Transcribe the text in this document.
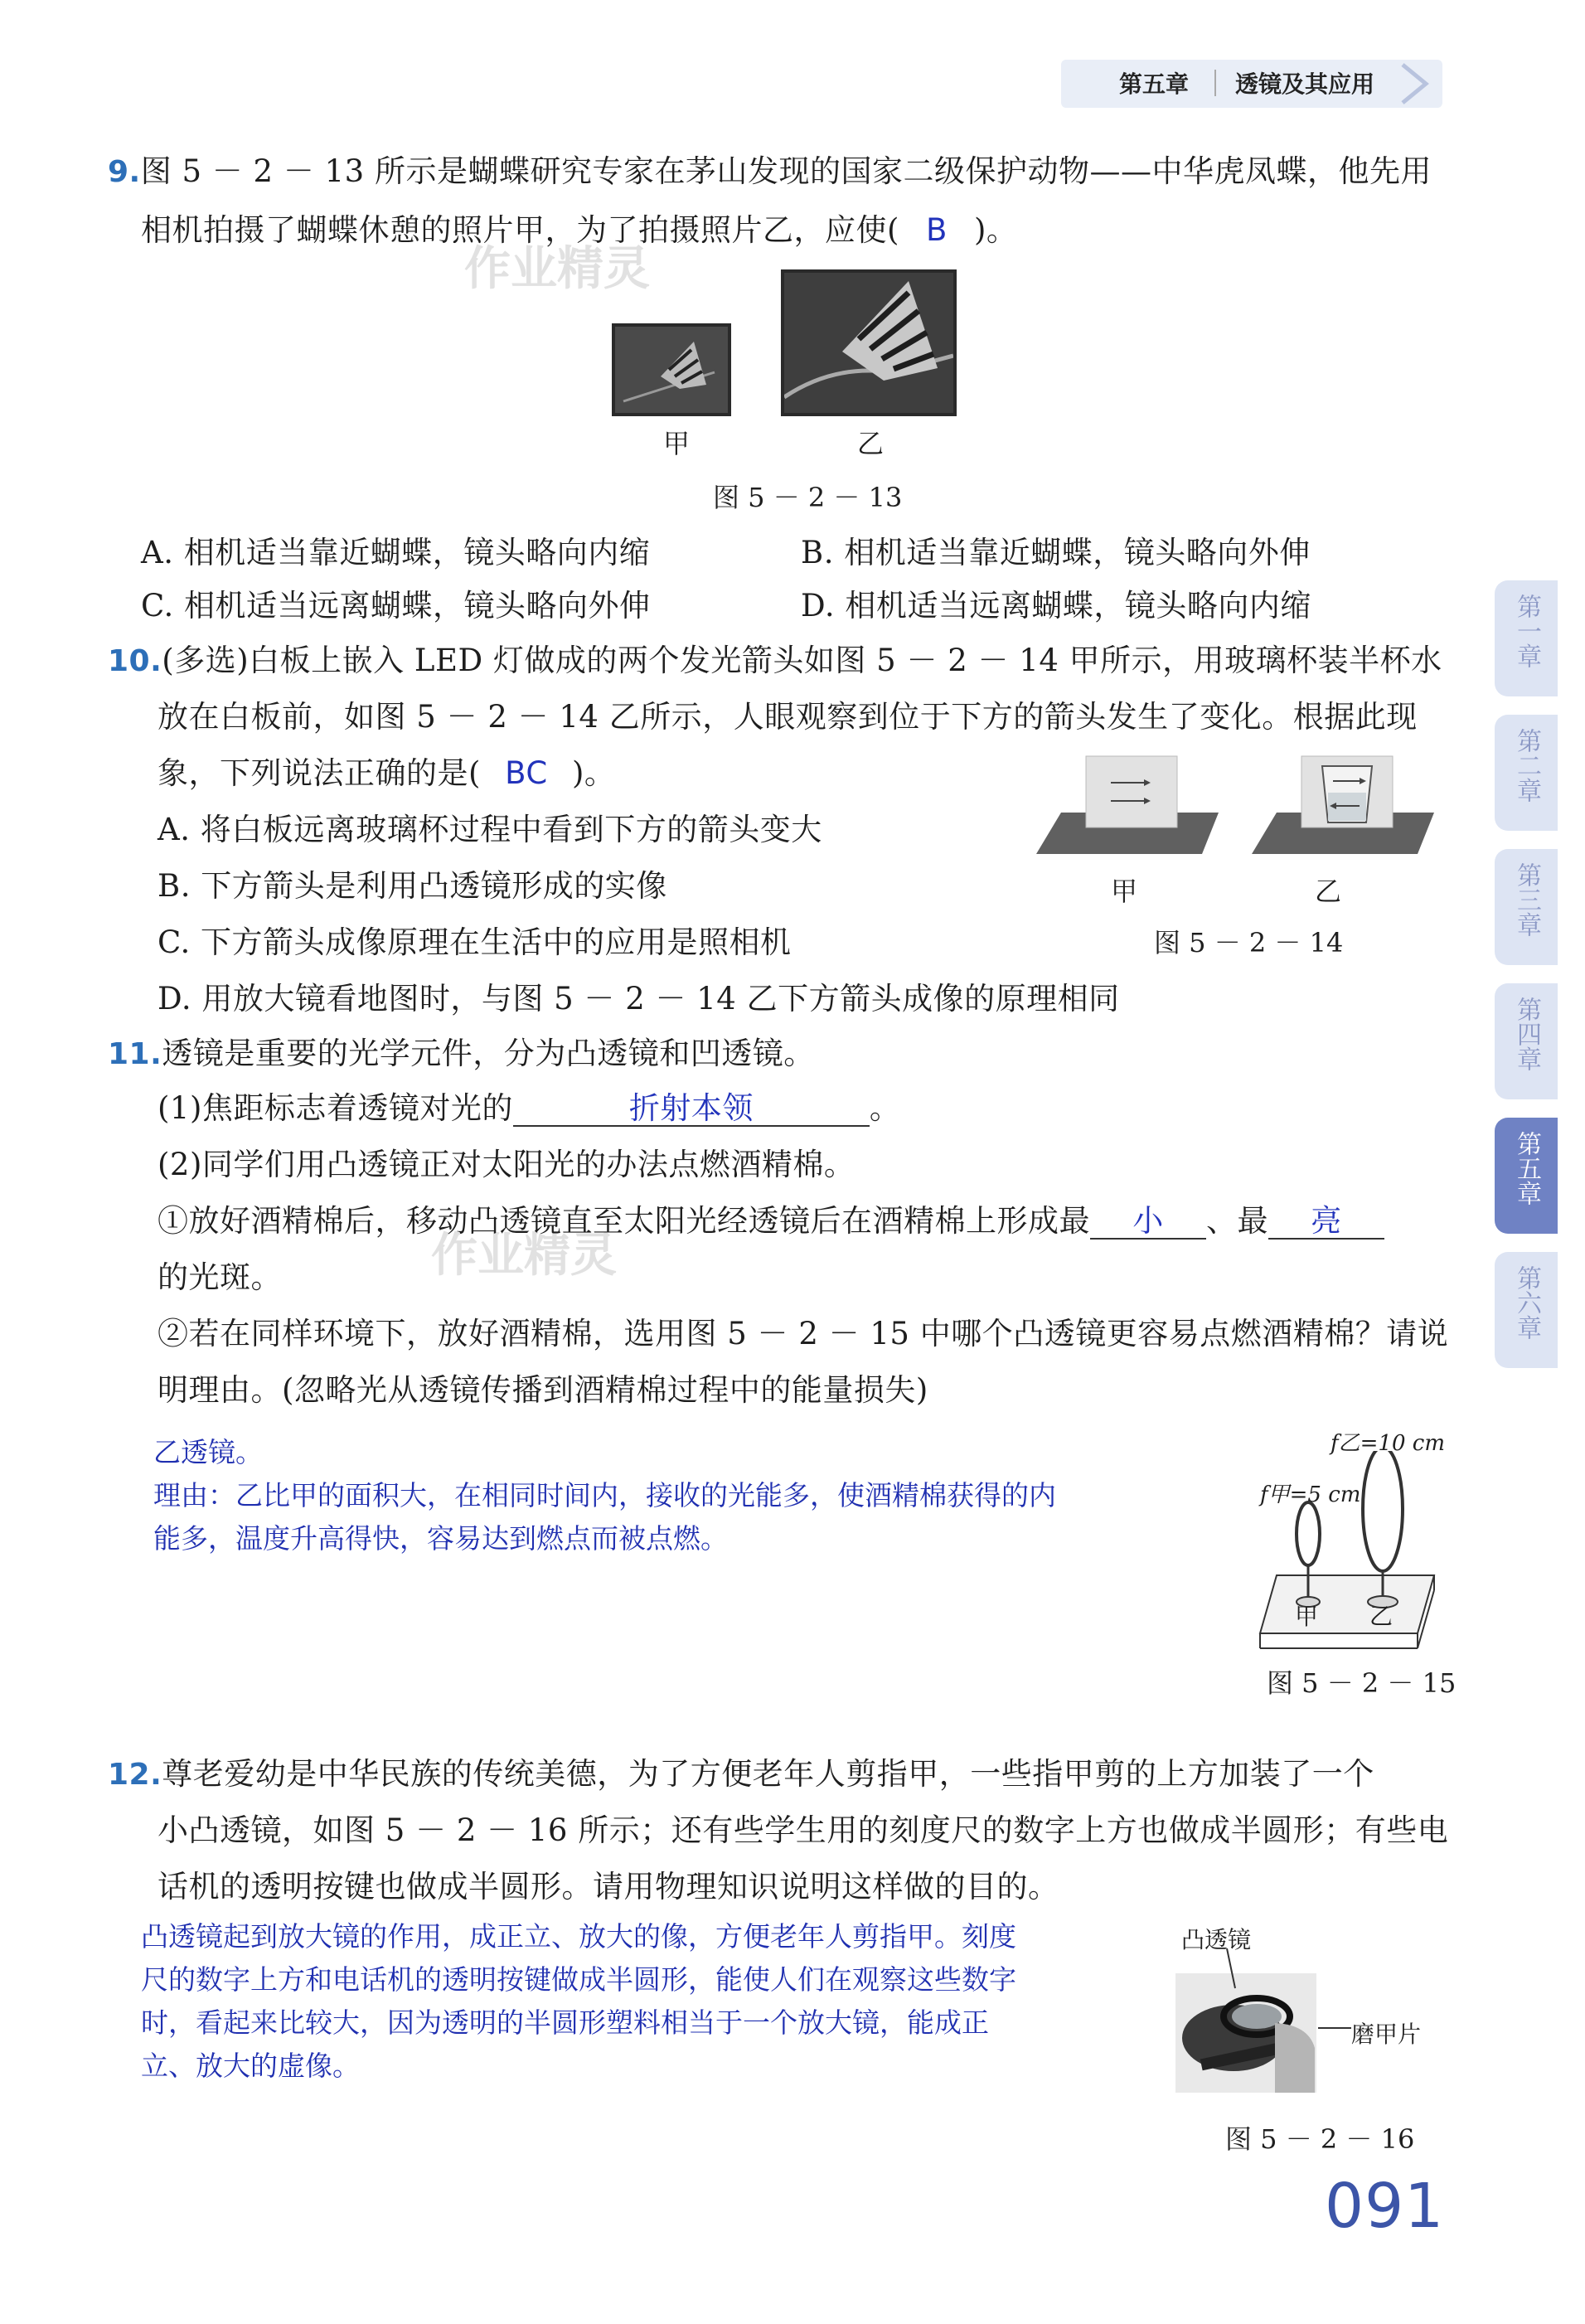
第五章 透镜及其应用
第一章
第二章
第三章
第四章
第五章
第六章
作业精灵
作业精灵
9.图 5 － 2 － 13 所示是蝴蝶研究专家在茅山发现的国家二级保护动物——中华虎凤蝶，他先用
相机拍摄了蝴蝶休憩的照片甲，为了拍摄照片乙，应使( B )。
甲	乙
图 5 － 2 － 13
A. 相机适当靠近蝴蝶，镜头略向内缩	B. 相机适当靠近蝴蝶，镜头略向外伸
C. 相机适当远离蝴蝶，镜头略向外伸	D. 相机适当远离蝴蝶，镜头略向内缩
10.(多选)白板上嵌入 LED 灯做成的两个发光箭头如图 5 － 2 － 14 甲所示，用玻璃杯装半杯水
放在白板前，如图 5 － 2 － 14 乙所示，人眼观察到位于下方的箭头发生了变化。根据此现
象，下列说法正确的是( BC )。
A. 将白板远离玻璃杯过程中看到下方的箭头变大
B. 下方箭头是利用凸透镜形成的实像
C. 下方箭头成像原理在生活中的应用是照相机
D. 用放大镜看地图时，与图 5 － 2 － 14 乙下方箭头成像的原理相同
甲	乙
图 5 － 2 － 14
11.透镜是重要的光学元件，分为凸透镜和凹透镜。
(1)焦距标志着透镜对光的	折射本领	。
(2)同学们用凸透镜正对太阳光的办法点燃酒精棉。
①放好酒精棉后，移动凸透镜直至太阳光经透镜后在酒精棉上形成最 小 、最 亮
的光斑。
②若在同样环境下，放好酒精棉，选用图 5 － 2 － 15 中哪个凸透镜更容易点燃酒精棉？请说
明理由。(忽略光从透镜传播到酒精棉过程中的能量损失)
乙透镜。
理由：乙比甲的面积大，在相同时间内，接收的光能多，使酒精棉获得的内
能多，温度升高得快，容易达到燃点而被点燃。
f乙=10 cm
f甲=5 cm
甲 乙
图 5 － 2 － 15
12.尊老爱幼是中华民族的传统美德，为了方便老年人剪指甲，一些指甲剪的上方加装了一个
小凸透镜，如图 5 － 2 － 16 所示；还有些学生用的刻度尺的数字上方也做成半圆形；有些电
话机的透明按键也做成半圆形。请用物理知识说明这样做的目的。
凸透镜起到放大镜的作用，成正立、放大的像，方便老年人剪指甲。刻度
尺的数字上方和电话机的透明按键做成半圆形，能使人们在观察这些数字
时，看起来比较大，因为透明的半圆形塑料相当于一个放大镜，能成正
立、放大的虚像。
凸透镜
磨甲片
图 5 － 2 － 16
091
